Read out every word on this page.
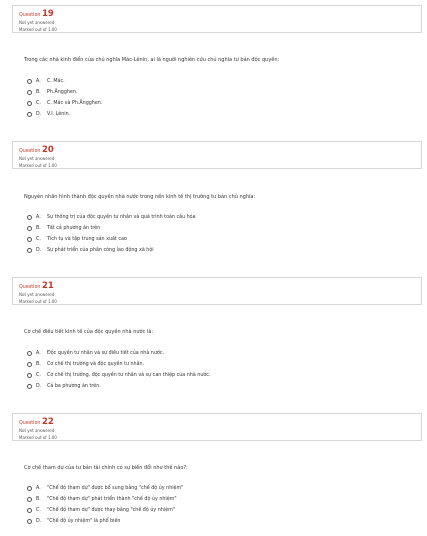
Question 19
Not yet answered
Marked out of 1.00
Trong các nhà kinh điển của chủ nghĩa Mác-Lênin, ai là người nghiên cứu chủ nghĩa tư bản độc quyền:
A.	C. Mác.
B.	Ph.Ăngghen.
C.	C. Mác và Ph.Ăngghen.
D.	V.I. Lênin.
Question 20
Not yet answered
Marked out of 1.00
Nguyên nhân hình thành độc quyền nhà nước trong nền kinh tế thị trường tư bản chủ nghĩa:
A.	Sự thống trị của độc quyền tư nhân và quá trình toàn cầu hóa
B.	Tất cả phương án trên
C.	Tích tụ và tập trung sản xuất cao
D.	Sự phát triển của phân công lao động xã hội
Question 21
Not yet answered
Marked out of 1.00
Cơ chế điều tiết kinh tế của độc quyền nhà nước là:
A.	Độc quyền tư nhân và sự điều tiết của nhà nước.
B.	Cơ chế thị trường và độc quyền tư nhân.
C.	Cơ chế thị trường, độc quyền tư nhân và sự can thiệp của nhà nước.
D.	Cả ba phương án trên.
Question 22
Not yet answered
Marked out of 1.00
Cơ chế tham dự của tư bản tài chính có sự biến đổi như thế nào?:
A.	"Chế độ tham dự" được bổ sung bằng "chế độ ủy nhiệm"
B.	"Chế độ tham dự" phát triển thành "chế độ ủy nhiệm"
C.	"Chế độ tham dự" được thay bằng "chế độ ủy nhiệm"
D.	"Chế độ ủy nhiệm" là phổ biến
